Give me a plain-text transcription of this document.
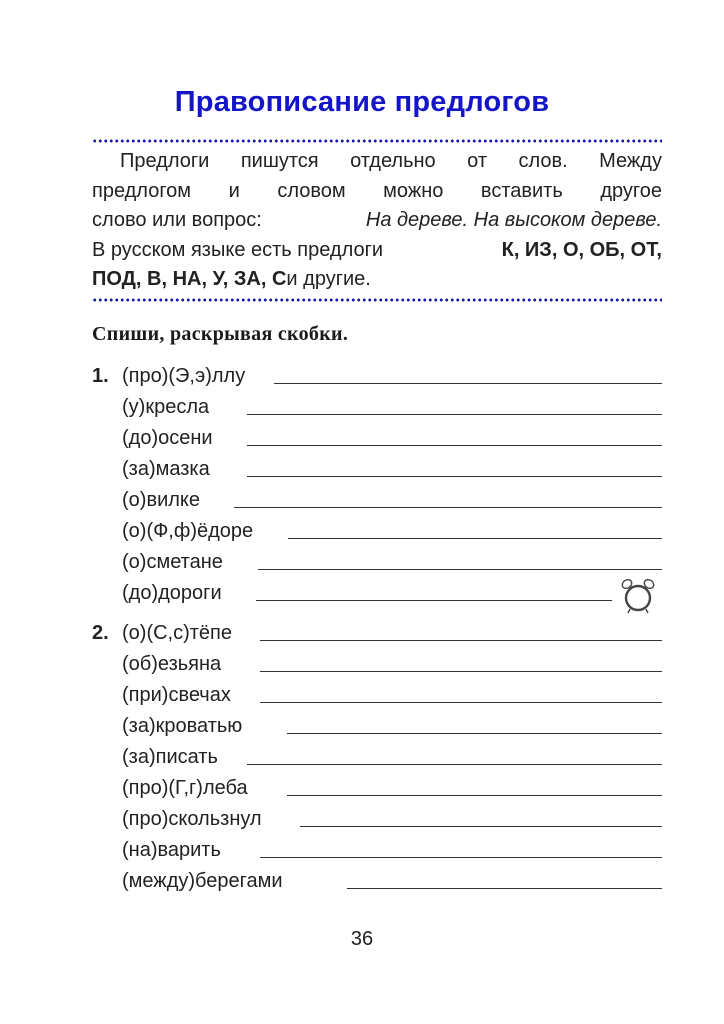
Правописание предлогов
Предлоги пишутся отдельно от слов. Между
предлогом и словом можно вставить другое
слово или вопрос:	На дереве. На высоком дереве.
В русском языке есть предлоги	К, ИЗ, О, ОБ, ОТ,
ПОД, В, НА, У, ЗА, С и другие.
Спиши, раскрывая скобки.
1. (про)(Э,э)ллу
(у)кресла
(до)осени
(за)мазка
(о)вилке
(о)(Ф,ф)ёдоре
(о)сметане
(до)дороги
2. (о)(С,с)тёпе
(об)езьяна
(при)свечах
(за)кроватью
(за)писать
(про)(Г,г)леба
(про)скользнул
(на)варить
(между)берегами
36
